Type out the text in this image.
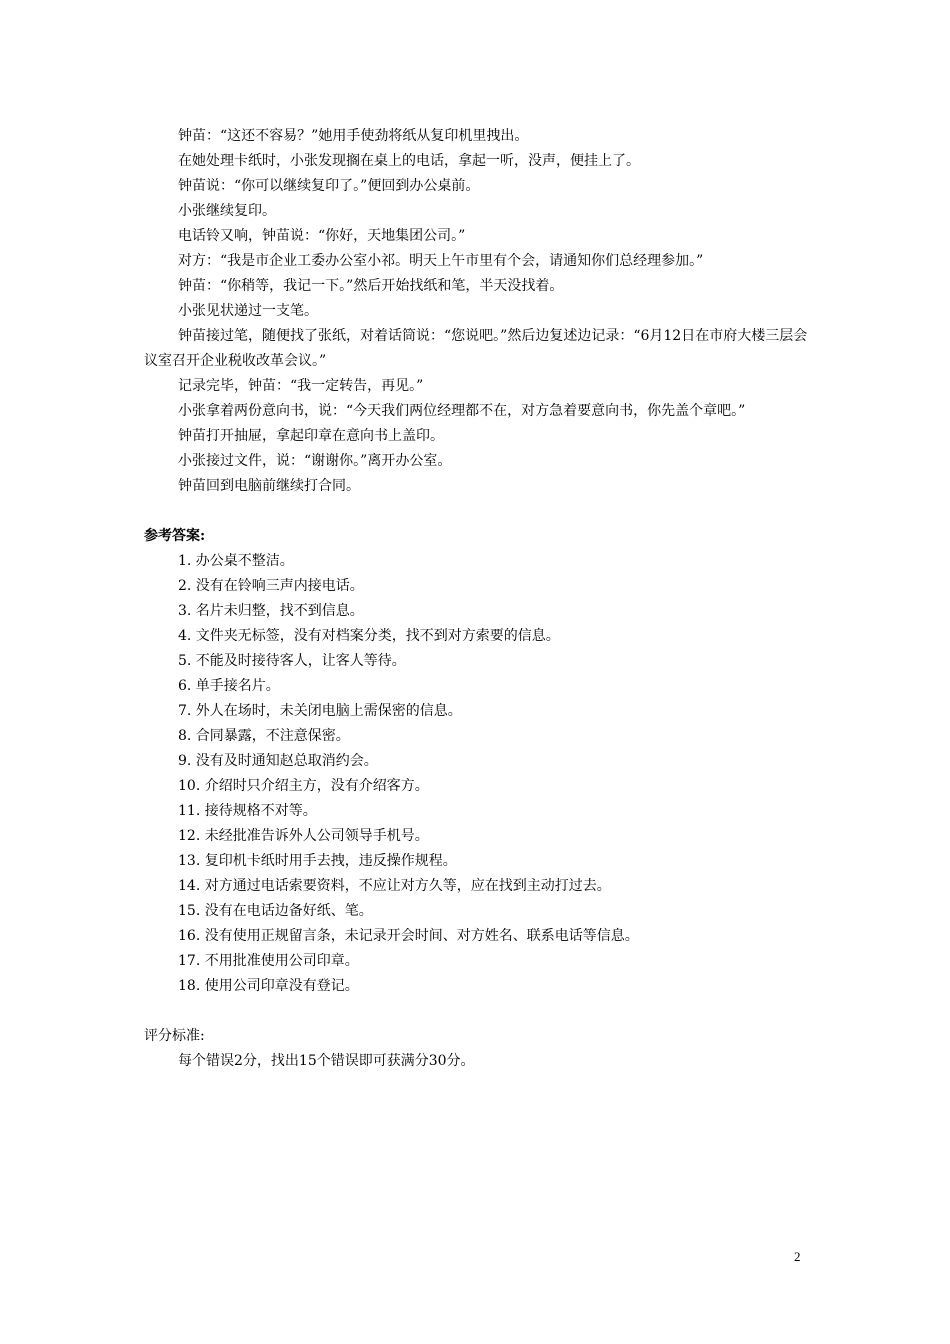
钟苗：“这还不容易？”她用手使劲将纸从复印机里拽出。
在她处理卡纸时，小张发现搁在桌上的电话，拿起一听，没声，便挂上了。
钟苗说：“你可以继续复印了。”便回到办公桌前。
小张继续复印。
电话铃又响，钟苗说：“你好，天地集团公司。”
对方：“我是市企业工委办公室小祁。明天上午市里有个会，请通知你们总经理参加。”
钟苗：“你稍等，我记一下。”然后开始找纸和笔，半天没找着。
小张见状递过一支笔。
钟苗接过笔，随便找了张纸，对着话筒说：“您说吧。”然后边复述边记录：“6月12日在市府大楼三层会议室召开企业税收改革会议。”
记录完毕，钟苗：“我一定转告，再见。”
小张拿着两份意向书，说：“今天我们两位经理都不在，对方急着要意向书，你先盖个章吧。”
钟苗打开抽屉，拿起印章在意向书上盖印。
小张接过文件，说：“谢谢你。”离开办公室。
钟苗回到电脑前继续打合同。
参考答案:
1. 办公桌不整洁。
2. 没有在铃响三声内接电话。
3. 名片未归整，找不到信息。
4. 文件夹无标签，没有对档案分类，找不到对方索要的信息。
5. 不能及时接待客人，让客人等待。
6. 单手接名片。
7. 外人在场时，未关闭电脑上需保密的信息。
8. 合同暴露，不注意保密。
9. 没有及时通知赵总取消约会。
10. 介绍时只介绍主方，没有介绍客方。
11. 接待规格不对等。
12. 未经批准告诉外人公司领导手机号。
13. 复印机卡纸时用手去拽，违反操作规程。
14. 对方通过电话索要资料，不应让对方久等，应在找到主动打过去。
15. 没有在电话边备好纸、笔。
16. 没有使用正规留言条，未记录开会时间、对方姓名、联系电话等信息。
17. 不用批准使用公司印章。
18. 使用公司印章没有登记。
评分标准:
每个错误2分，找出15个错误即可获满分30分。
2
